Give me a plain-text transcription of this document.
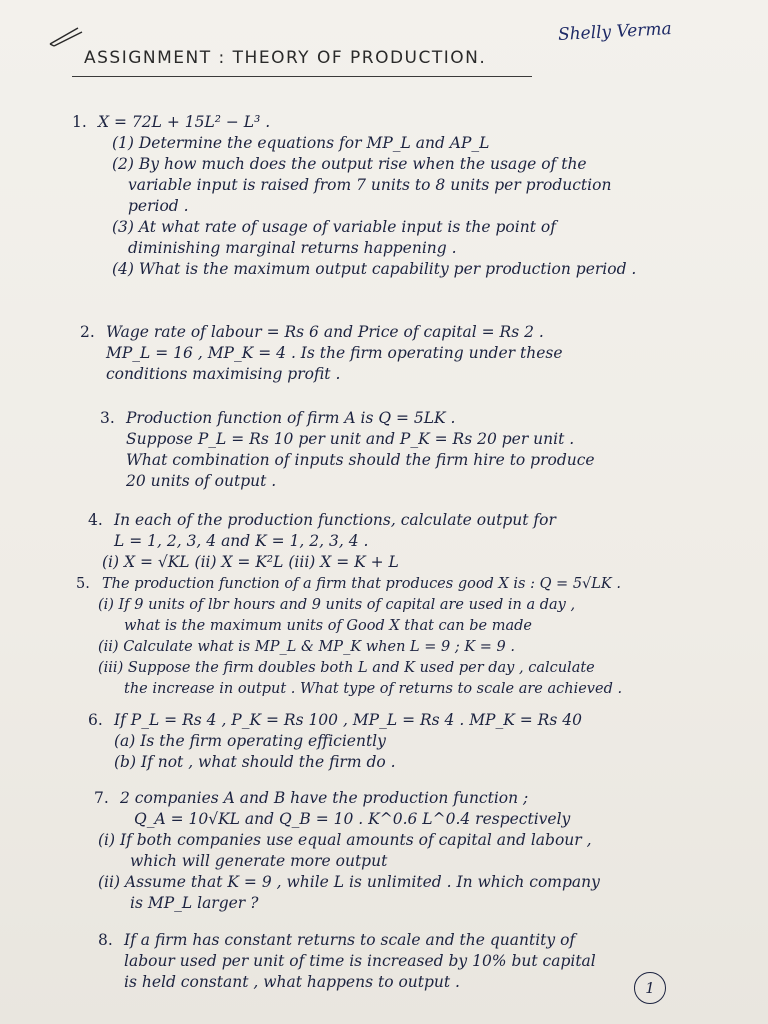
Shelly Verma
ASSIGNMENT : THEORY OF PRODUCTION.
1. X = 72L + 15L² − L³ .
(1) Determine the equations for MP_L and AP_L
(2) By how much does the output rise when the usage of the
variable input is raised from 7 units to 8 units per production
period .
(3) At what rate of usage of variable input is the point of
diminishing marginal returns happening .
(4) What is the maximum output capability per production period .
2. Wage rate of labour = Rs 6 and Price of capital = Rs 2 .
MP_L = 16 , MP_K = 4 . Is the firm operating under these
conditions maximising profit .
3. Production function of firm A is Q = 5LK .
Suppose P_L = Rs 10 per unit and P_K = Rs 20 per unit .
What combination of inputs should the firm hire to produce
20 units of output .
4. In each of the production functions, calculate output for
L = 1, 2, 3, 4 and K = 1, 2, 3, 4 .
(i) X = √KL (ii) X = K²L (iii) X = K + L
5. The production function of a firm that produces good X is : Q = 5√LK .
(i) If 9 units of lbr hours and 9 units of capital are used in a day ,
what is the maximum units of Good X that can be made
(ii) Calculate what is MP_L & MP_K when L = 9 ; K = 9 .
(iii) Suppose the firm doubles both L and K used per day , calculate
the increase in output . What type of returns to scale are achieved .
6. If P_L = Rs 4 , P_K = Rs 100 , MP_L = Rs 4 . MP_K = Rs 40
(a) Is the firm operating efficiently
(b) If not , what should the firm do .
7. 2 companies A and B have the production function ;
Q_A = 10√KL and Q_B = 10 . K^0.6 L^0.4 respectively
(i) If both companies use equal amounts of capital and labour ,
which will generate more output
(ii) Assume that K = 9 , while L is unlimited . In which company
is MP_L larger ?
8. If a firm has constant returns to scale and the quantity of
labour used per unit of time is increased by 10% but capital
is held constant , what happens to output .	1
